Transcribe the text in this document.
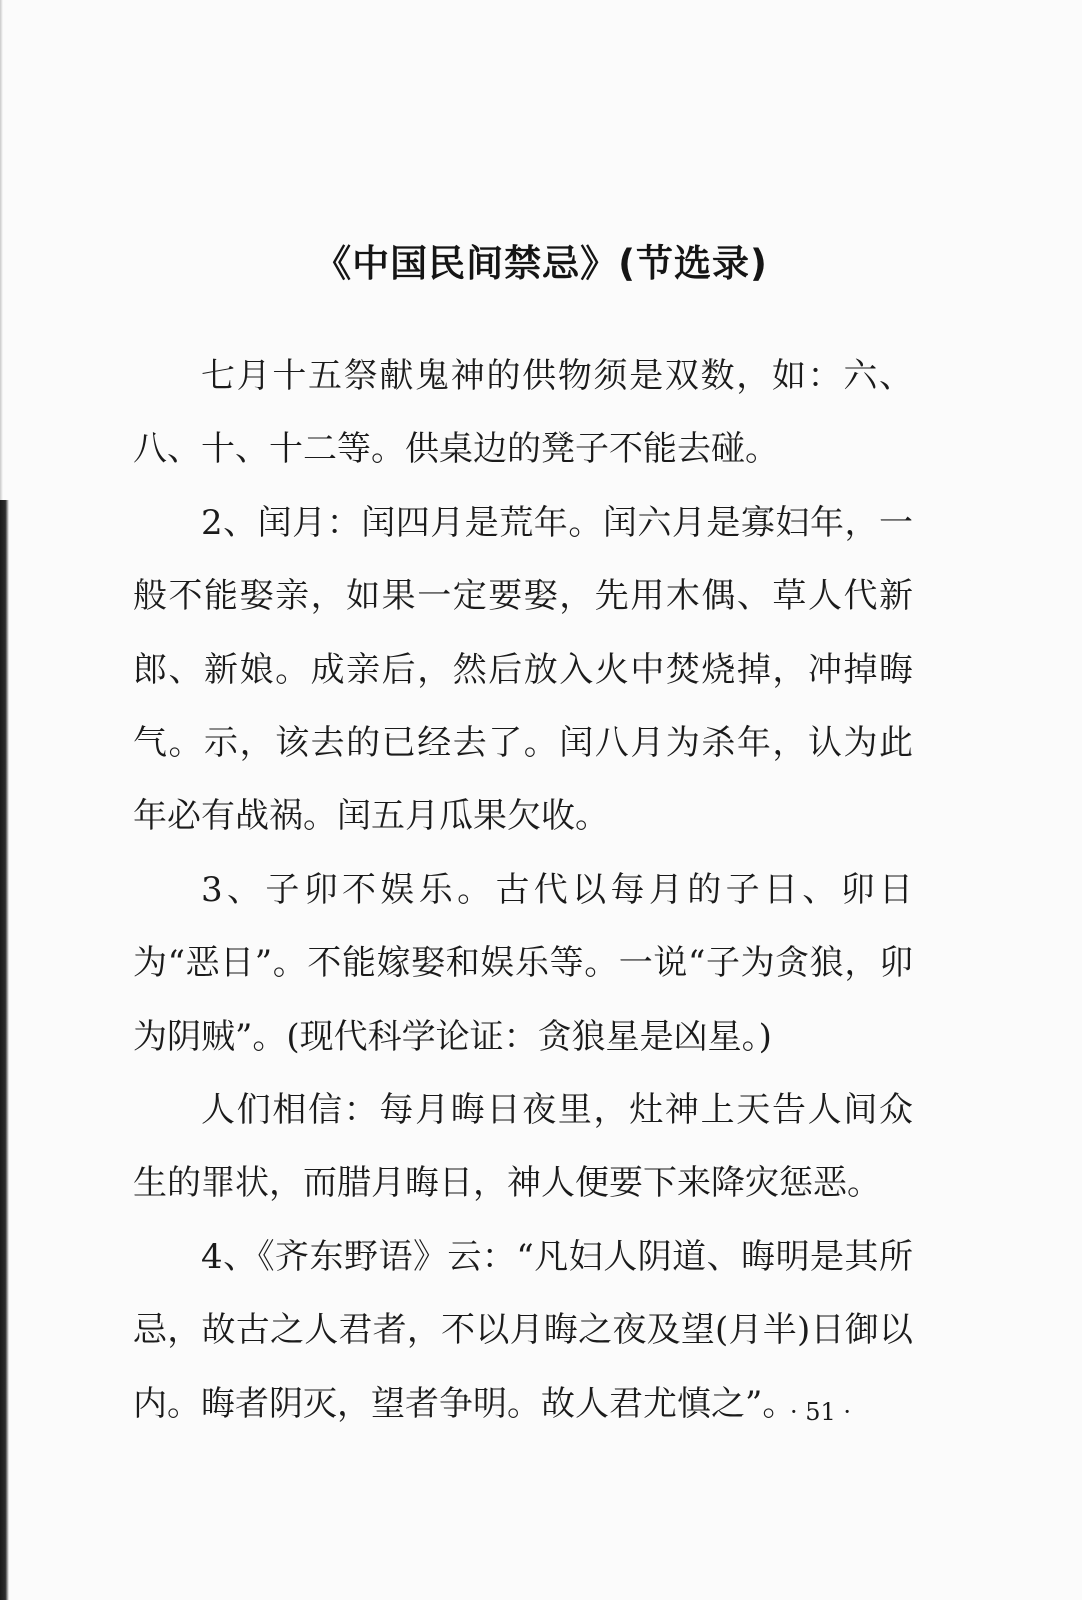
《中国民间禁忌》(节选录)

七月十五祭献鬼神的供物须是双数，如：六、八、十、十二等。供桌边的凳子不能去碰。

2、闰月：闰四月是荒年。闰六月是寡妇年，一般不能娶亲，如果一定要娶，先用木偶、草人代新郎、新娘。成亲后，然后放入火中焚烧掉，冲掉晦气。示，该去的已经去了。闰八月为杀年，认为此年必有战祸。闰五月瓜果欠收。

3、子卯不娱乐。古代以每月的子日、卯日为“恶日”。不能嫁娶和娱乐等。一说“子为贪狼，卯为阴贼”。(现代科学论证：贪狼星是凶星。)

人们相信：每月晦日夜里，灶神上天告人间众生的罪状，而腊月晦日，神人便要下来降灾惩恶。

4、《齐东野语》云：“凡妇人阴道、晦明是其所忌，故古之人君者，不以月晦之夜及望(月半)日御以内。晦者阴灭，望者争明。故人君尤慎之”。

· 51 ·
